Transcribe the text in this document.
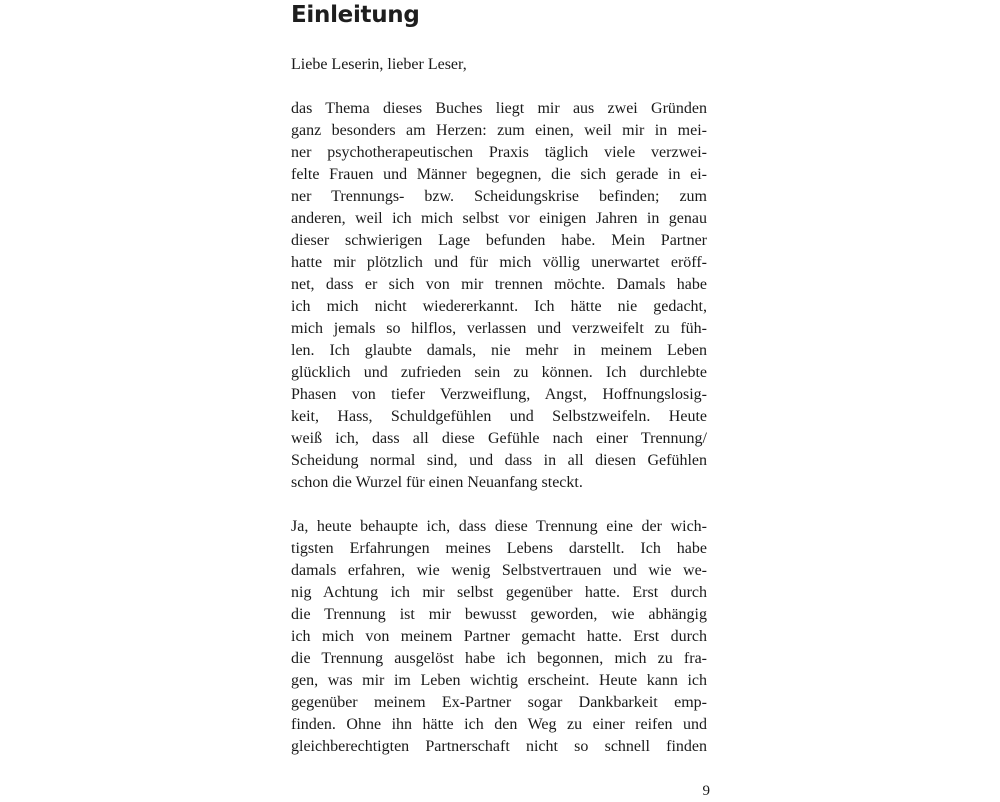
Einleitung
Liebe Leserin, lieber Leser,
das Thema dieses Buches liegt mir aus zwei Gründen
ganz besonders am Herzen: zum einen, weil mir in mei-
ner psychotherapeutischen Praxis täglich viele verzwei-
felte Frauen und Männer begegnen, die sich gerade in ei-
ner Trennungs- bzw. Scheidungskrise befinden; zum
anderen, weil ich mich selbst vor einigen Jahren in genau
dieser schwierigen Lage befunden habe. Mein Partner
hatte mir plötzlich und für mich völlig unerwartet eröff-
net, dass er sich von mir trennen möchte. Damals habe
ich mich nicht wiedererkannt. Ich hätte nie gedacht,
mich jemals so hilflos, verlassen und verzweifelt zu füh-
len. Ich glaubte damals, nie mehr in meinem Leben
glücklich und zufrieden sein zu können. Ich durchlebte
Phasen von tiefer Verzweiflung, Angst, Hoffnungslosig-
keit, Hass, Schuldgefühlen und Selbstzweifeln. Heute
weiß ich, dass all diese Gefühle nach einer Trennung/
Scheidung normal sind, und dass in all diesen Gefühlen
schon die Wurzel für einen Neuanfang steckt.
Ja, heute behaupte ich, dass diese Trennung eine der wich-
tigsten Erfahrungen meines Lebens darstellt. Ich habe
damals erfahren, wie wenig Selbstvertrauen und wie we-
nig Achtung ich mir selbst gegenüber hatte. Erst durch
die Trennung ist mir bewusst geworden, wie abhängig
ich mich von meinem Partner gemacht hatte. Erst durch
die Trennung ausgelöst habe ich begonnen, mich zu fra-
gen, was mir im Leben wichtig erscheint. Heute kann ich
gegenüber meinem Ex-Partner sogar Dankbarkeit emp-
finden. Ohne ihn hätte ich den Weg zu einer reifen und
gleichberechtigten Partnerschaft nicht so schnell finden
9
